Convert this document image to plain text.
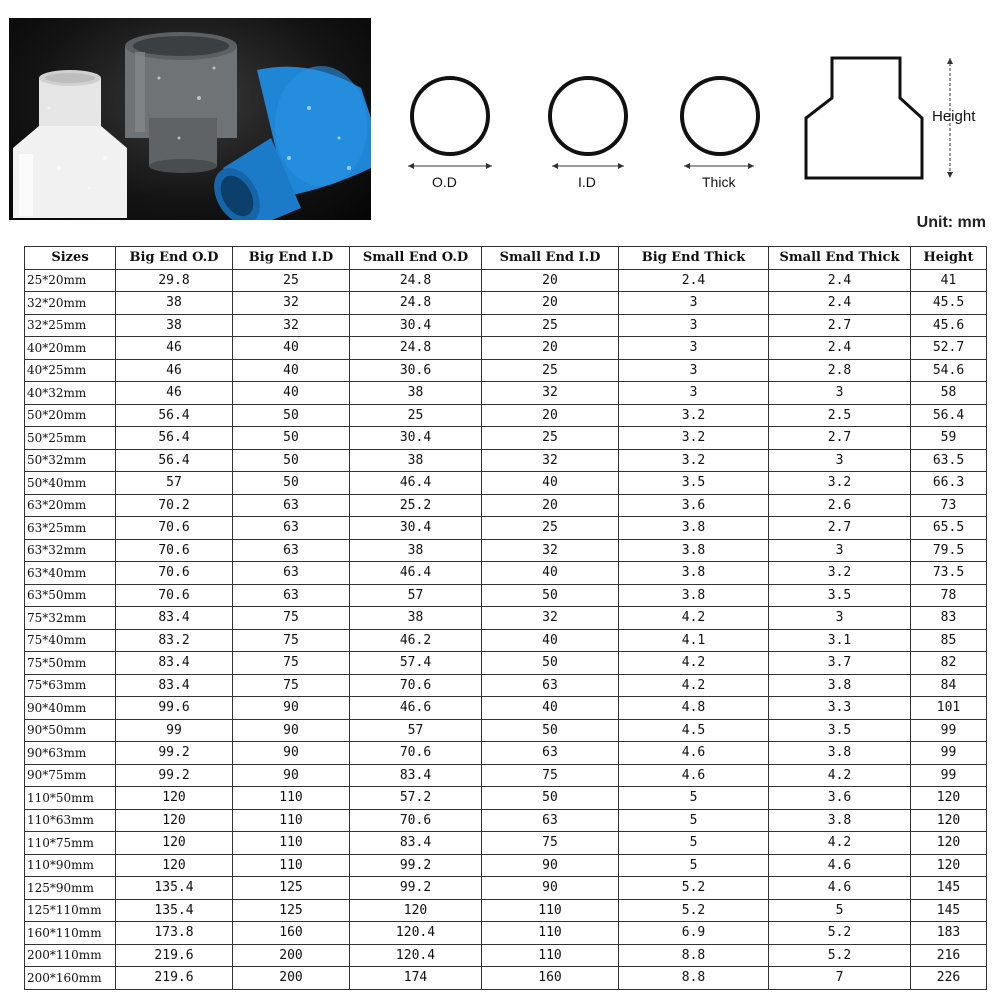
O.D	I.D	Thick
Height
Unit: mm
Sizes	Big End O.D	Big End I.D	Small End O.D	Small End I.D	Big End Thick	Small End Thick	Height
25*20mm	29.8	25	24.8	20	2.4	2.4	41
32*20mm	38	32	24.8	20	3	2.4	45.5
32*25mm	38	32	30.4	25	3	2.7	45.6
40*20mm	46	40	24.8	20	3	2.4	52.7
40*25mm	46	40	30.6	25	3	2.8	54.6
40*32mm	46	40	38	32	3	3	58
50*20mm	56.4	50	25	20	3.2	2.5	56.4
50*25mm	56.4	50	30.4	25	3.2	2.7	59
50*32mm	56.4	50	38	32	3.2	3	63.5
50*40mm	57	50	46.4	40	3.5	3.2	66.3
63*20mm	70.2	63	25.2	20	3.6	2.6	73
63*25mm	70.6	63	30.4	25	3.8	2.7	65.5
63*32mm	70.6	63	38	32	3.8	3	79.5
63*40mm	70.6	63	46.4	40	3.8	3.2	73.5
63*50mm	70.6	63	57	50	3.8	3.5	78
75*32mm	83.4	75	38	32	4.2	3	83
75*40mm	83.2	75	46.2	40	4.1	3.1	85
75*50mm	83.4	75	57.4	50	4.2	3.7	82
75*63mm	83.4	75	70.6	63	4.2	3.8	84
90*40mm	99.6	90	46.6	40	4.8	3.3	101
90*50mm	99	90	57	50	4.5	3.5	99
90*63mm	99.2	90	70.6	63	4.6	3.8	99
90*75mm	99.2	90	83.4	75	4.6	4.2	99
110*50mm	120	110	57.2	50	5	3.6	120
110*63mm	120	110	70.6	63	5	3.8	120
110*75mm	120	110	83.4	75	5	4.2	120
110*90mm	120	110	99.2	90	5	4.6	120
125*90mm	135.4	125	99.2	90	5.2	4.6	145
125*110mm	135.4	125	120	110	5.2	5	145
160*110mm	173.8	160	120.4	110	6.9	5.2	183
200*110mm	219.6	200	120.4	110	8.8	5.2	216
200*160mm	219.6	200	174	160	8.8	7	226
